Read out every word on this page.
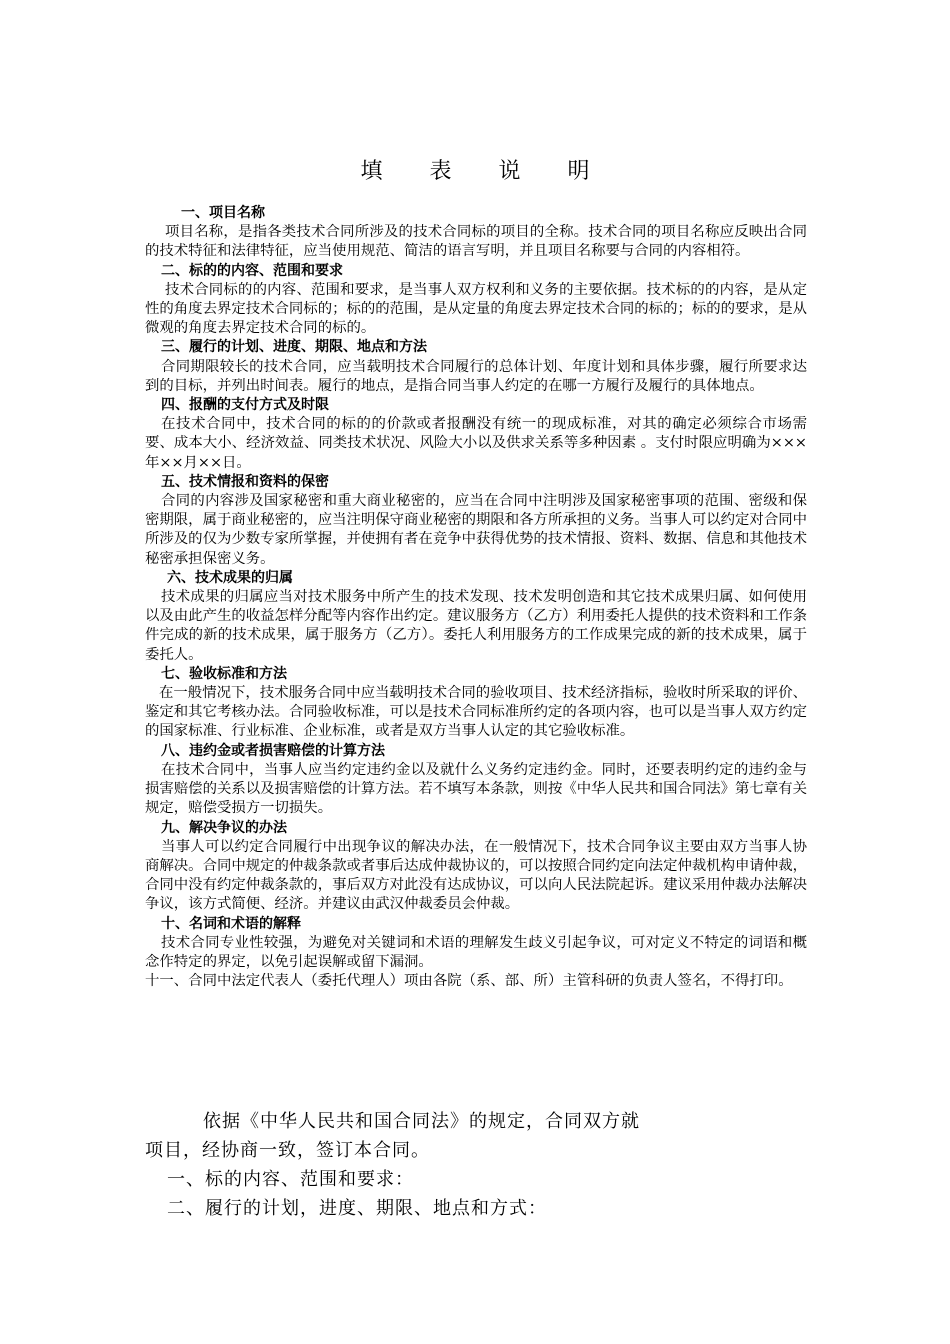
填 表 说 明

一、项目名称

项目名称，是指各类技术合同所涉及的技术合同标的项目的全称。技术合同的项目名称应反映出合同的技术特征和法律特征，应当使用规范、简洁的语言写明，并且项目名称要与合同的内容相符。

二、标的的内容、范围和要求

技术合同标的的内容、范围和要求，是当事人双方权利和义务的主要依据。技术标的的内容，是从定性的角度去界定技术合同标的；标的的范围，是从定量的角度去界定技术合同的标的；标的的要求，是从微观的角度去界定技术合同的标的。

三、履行的计划、进度、期限、地点和方法

合同期限较长的技术合同，应当载明技术合同履行的总体计划、年度计划和具体步骤，履行所要求达到的目标，并列出时间表。履行的地点，是指合同当事人约定的在哪一方履行及履行的具体地点。

四、报酬的支付方式及时限

在技术合同中，技术合同的标的的价款或者报酬没有统一的现成标准，对其的确定必须综合市场需要、成本大小、经济效益、同类技术状况、风险大小以及供求关系等多种因素 。支付时限应明确为×××年××月××日。

五、技术情报和资料的保密

合同的内容涉及国家秘密和重大商业秘密的，应当在合同中注明涉及国家秘密事项的范围、密级和保密期限，属于商业秘密的，应当注明保守商业秘密的期限和各方所承担的义务。当事人可以约定对合同中所涉及的仅为少数专家所掌握，并使拥有者在竞争中获得优势的技术情报、资料、数据、信息和其他技术秘密承担保密义务。

六、技术成果的归属

技术成果的归属应当对技术服务中所产生的技术发现、技术发明创造和其它技术成果归属、如何使用以及由此产生的收益怎样分配等内容作出约定。建议服务方（乙方）利用委托人提供的技术资料和工作条件完成的新的技术成果，属于服务方（乙方）。委托人利用服务方的工作成果完成的新的技术成果，属于委托人。

七、验收标准和方法

在一般情况下，技术服务合同中应当载明技术合同的验收项目、技术经济指标，验收时所采取的评价、鉴定和其它考核办法。合同验收标准，可以是技术合同标准所约定的各项内容，也可以是当事人双方约定的国家标准、行业标准、企业标准，或者是双方当事人认定的其它验收标准。

八、违约金或者损害赔偿的计算方法

在技术合同中，当事人应当约定违约金以及就什么义务约定违约金。同时，还要表明约定的违约金与损害赔偿的关系以及损害赔偿的计算方法。若不填写本条款，则按《中华人民共和国合同法》第七章有关规定，赔偿受损方一切损失。

九、解决争议的办法

当事人可以约定合同履行中出现争议的解决办法，在一般情况下，技术合同争议主要由双方当事人协商解决。合同中规定的仲裁条款或者事后达成仲裁协议的，可以按照合同约定向法定仲裁机构申请仲裁，合同中没有约定仲裁条款的，事后双方对此没有达成协议，可以向人民法院起诉。建议采用仲裁办法解决争议，该方式简便、经济。并建议由武汉仲裁委员会仲裁。

十、名词和术语的解释

技术合同专业性较强，为避免对关键词和术语的理解发生歧义引起争议，可对定义不特定的词语和概念作特定的界定，以免引起误解或留下漏洞。

十一、合同中法定代表人（委托代理人）项由各院（系、部、所）主管科研的负责人签名，不得打印。

依据《中华人民共和国合同法》的规定，合同双方就

项目，经协商一致，签订本合同。

一、标的内容、范围和要求：

二、履行的计划，进度、期限、地点和方式：
